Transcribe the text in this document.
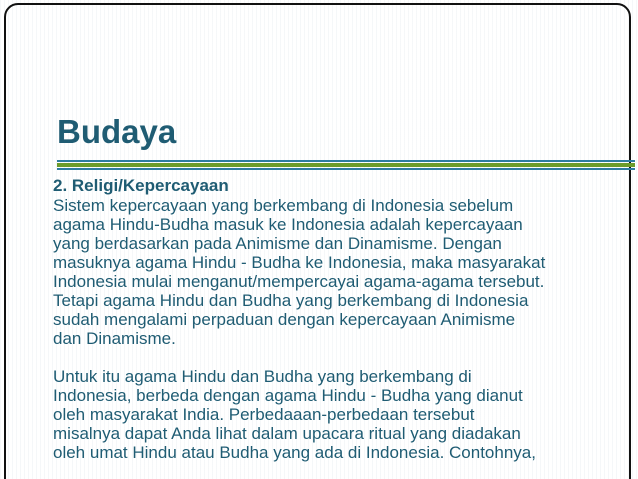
Budaya
2. Religi/Kepercayaan
Sistem kepercayaan yang berkembang di Indonesia sebelum
agama Hindu-Budha masuk ke Indonesia adalah kepercayaan
yang berdasarkan pada Animisme dan Dinamisme. Dengan
masuknya agama Hindu - Budha ke Indonesia, maka masyarakat
Indonesia mulai menganut/mempercayai agama-agama tersebut.
Tetapi agama Hindu dan Budha yang berkembang di Indonesia
sudah mengalami perpaduan dengan kepercayaan Animisme
dan Dinamisme.
Untuk itu agama Hindu dan Budha yang berkembang di
Indonesia, berbeda dengan agama Hindu - Budha yang dianut
oleh masyarakat India. Perbedaaan-perbedaan tersebut
misalnya dapat Anda lihat dalam upacara ritual yang diadakan
oleh umat Hindu atau Budha yang ada di Indonesia. Contohnya,
